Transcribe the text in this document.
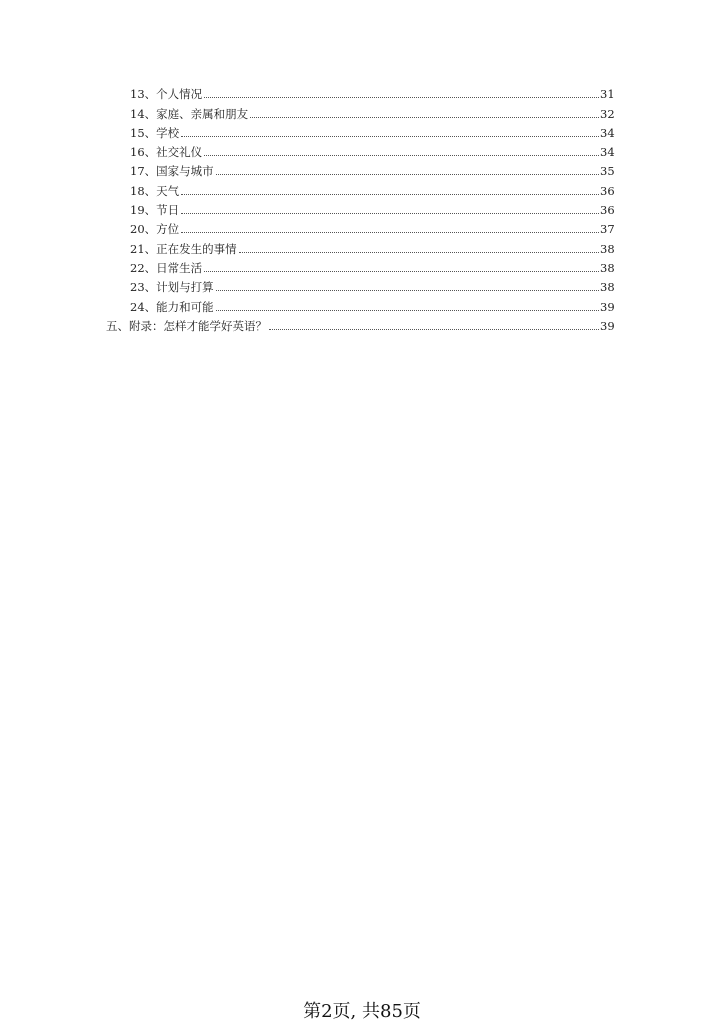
13、个人情况	31
14、家庭、亲属和朋友	32
15、学校	34
16、社交礼仪	34
17、国家与城市	35
18、天气	36
19、节日	36
20、方位	37
21、正在发生的事情	38
22、日常生活	38
23、计划与打算	38
24、能力和可能	39
五、附录：怎样才能学好英语？	39
第2页, 共85页
